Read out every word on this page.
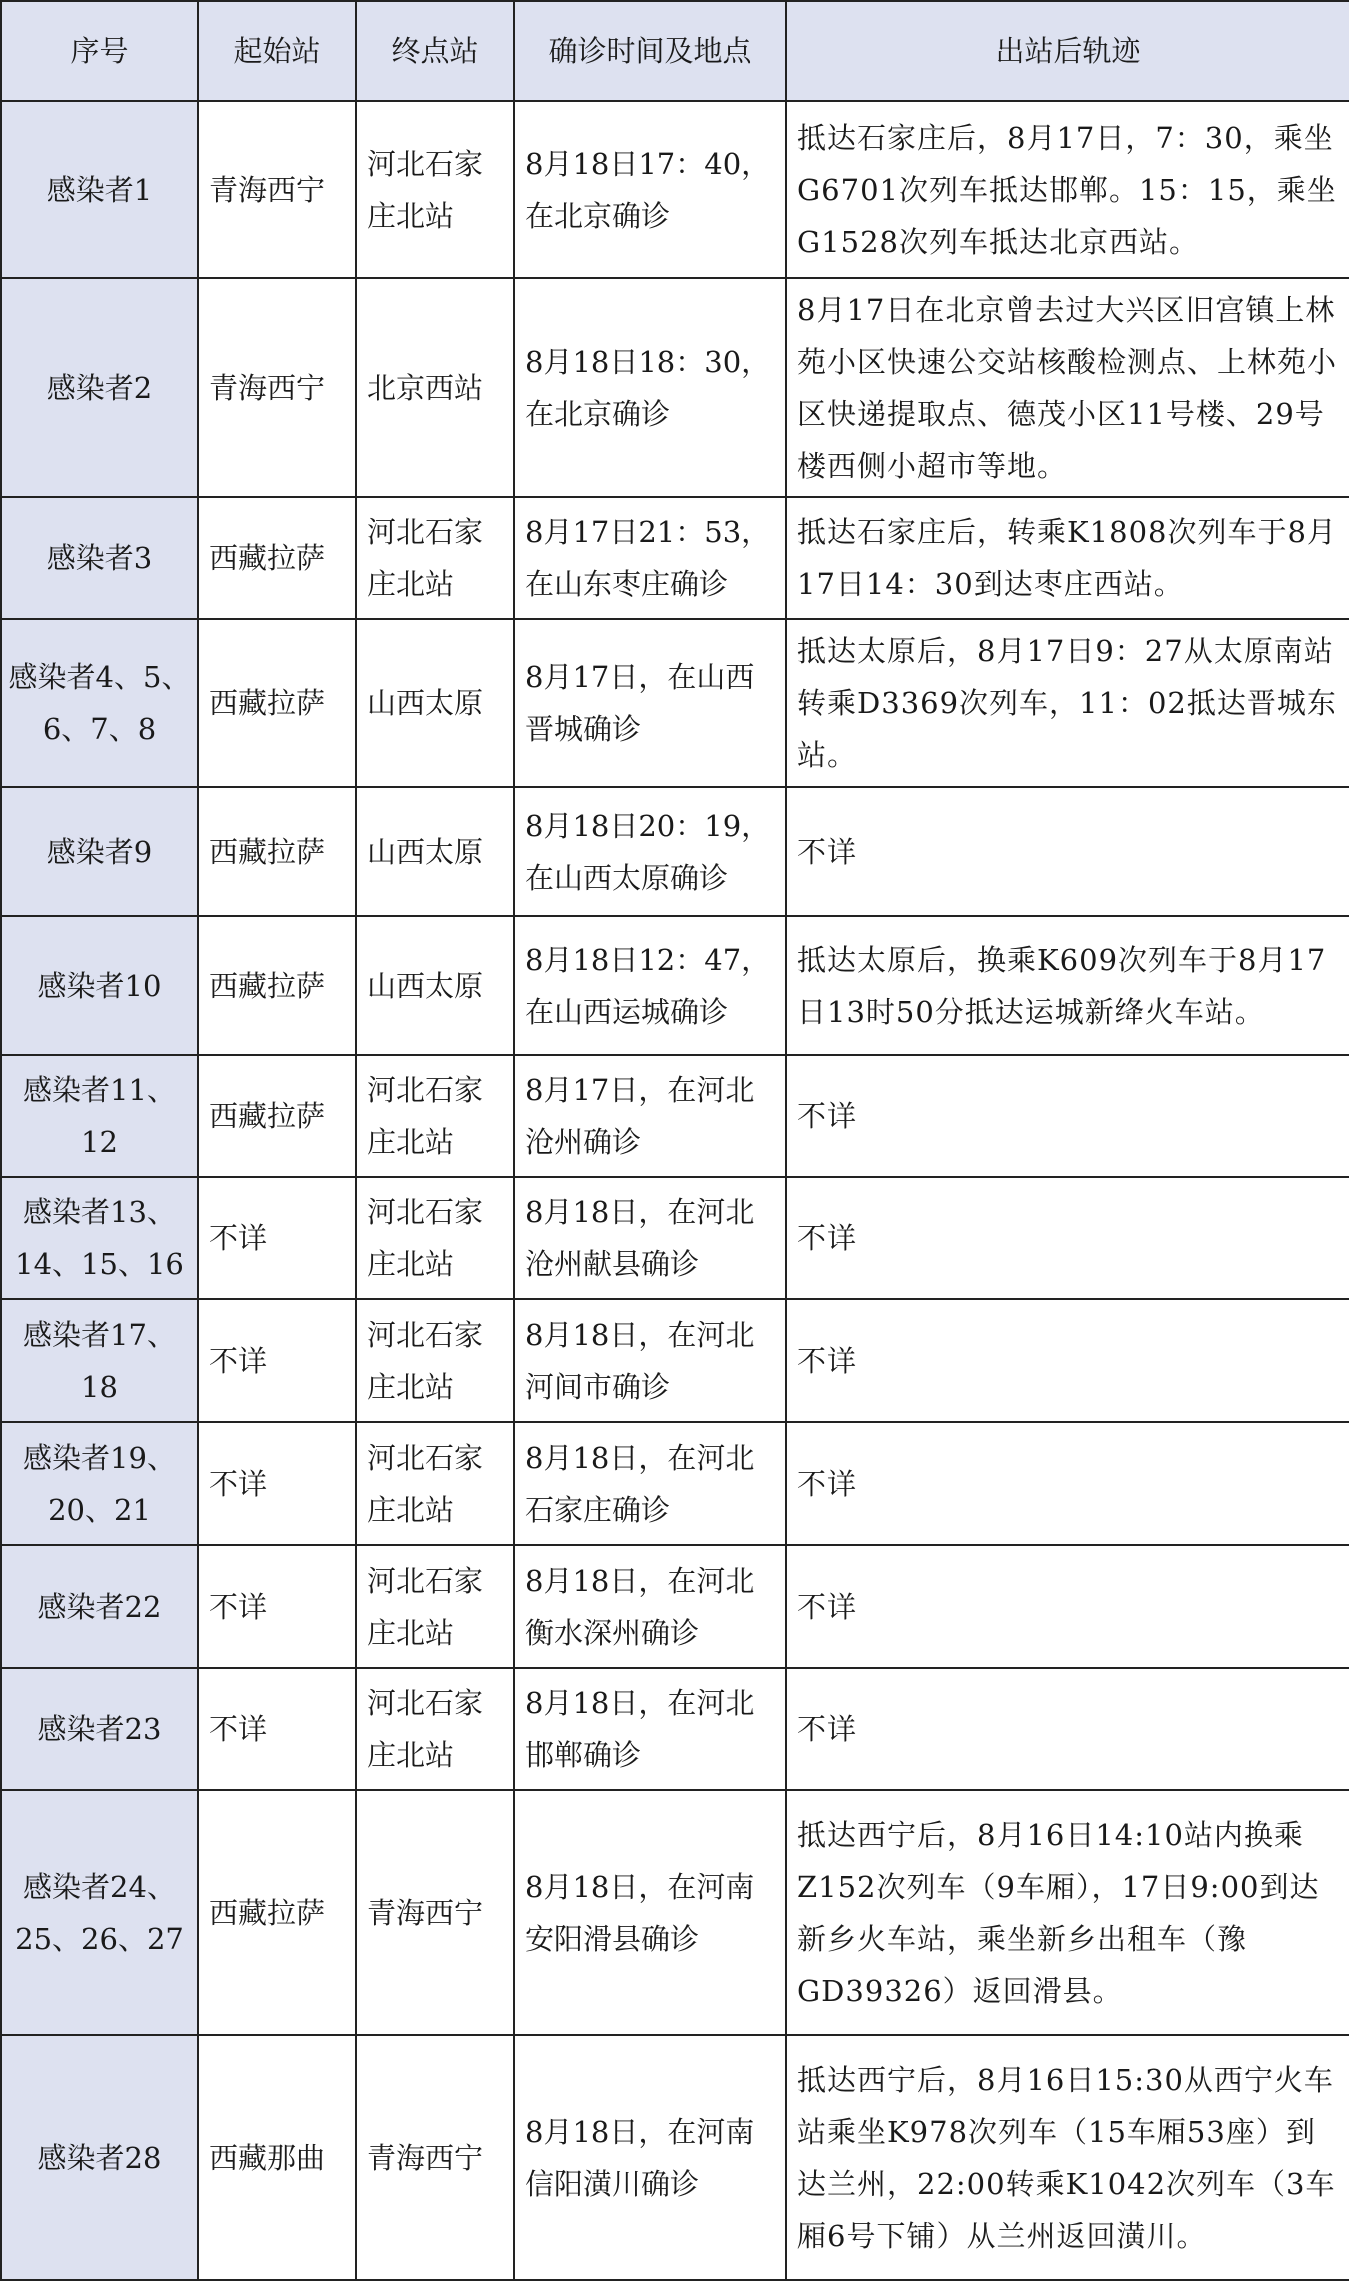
序号	起始站	终点站	确诊时间及地点	出站后轨迹
感染者1	青海西宁	河北石家庄北站	8月18日17：40，在北京确诊	抵达石家庄后，8月17日，7：30，乘坐G6701次列车抵达邯郸。15：15，乘坐G1528次列车抵达北京西站。
感染者2	青海西宁	北京西站	8月18日18：30，在北京确诊	8月17日在北京曾去过大兴区旧宫镇上林苑小区快速公交站核酸检测点、上林苑小区快递提取点、德茂小区11号楼、29号楼西侧小超市等地。
感染者3	西藏拉萨	河北石家庄北站	8月17日21：53，在山东枣庄确诊	抵达石家庄后，转乘K1808次列车于8月17日14：30到达枣庄西站。
感染者4、5、6、7、8	西藏拉萨	山西太原	8月17日，在山西晋城确诊	抵达太原后，8月17日9：27从太原南站转乘D3369次列车，11：02抵达晋城东站。
感染者9	西藏拉萨	山西太原	8月18日20：19，在山西太原确诊	不详
感染者10	西藏拉萨	山西太原	8月18日12：47，在山西运城确诊	抵达太原后，换乘K609次列车于8月17日13时50分抵达运城新绛火车站。
感染者11、12	西藏拉萨	河北石家庄北站	8月17日，在河北沧州确诊	不详
感染者13、14、15、16	不详	河北石家庄北站	8月18日，在河北沧州献县确诊	不详
感染者17、18	不详	河北石家庄北站	8月18日，在河北河间市确诊	不详
感染者19、20、21	不详	河北石家庄北站	8月18日，在河北石家庄确诊	不详
感染者22	不详	河北石家庄北站	8月18日，在河北衡水深州确诊	不详
感染者23	不详	河北石家庄北站	8月18日，在河北邯郸确诊	不详
感染者24、25、26、27	西藏拉萨	青海西宁	8月18日，在河南安阳滑县确诊	抵达西宁后，8月16日14:10站内换乘Z152次列车（9车厢），17日9:00到达新乡火车站，乘坐新乡出租车（豫GD39326）返回滑县。
感染者28	西藏那曲	青海西宁	8月18日，在河南信阳潢川确诊	抵达西宁后，8月16日15:30从西宁火车站乘坐K978次列车（15车厢53座）到达兰州，22:00转乘K1042次列车（3车厢6号下铺）从兰州返回潢川。
